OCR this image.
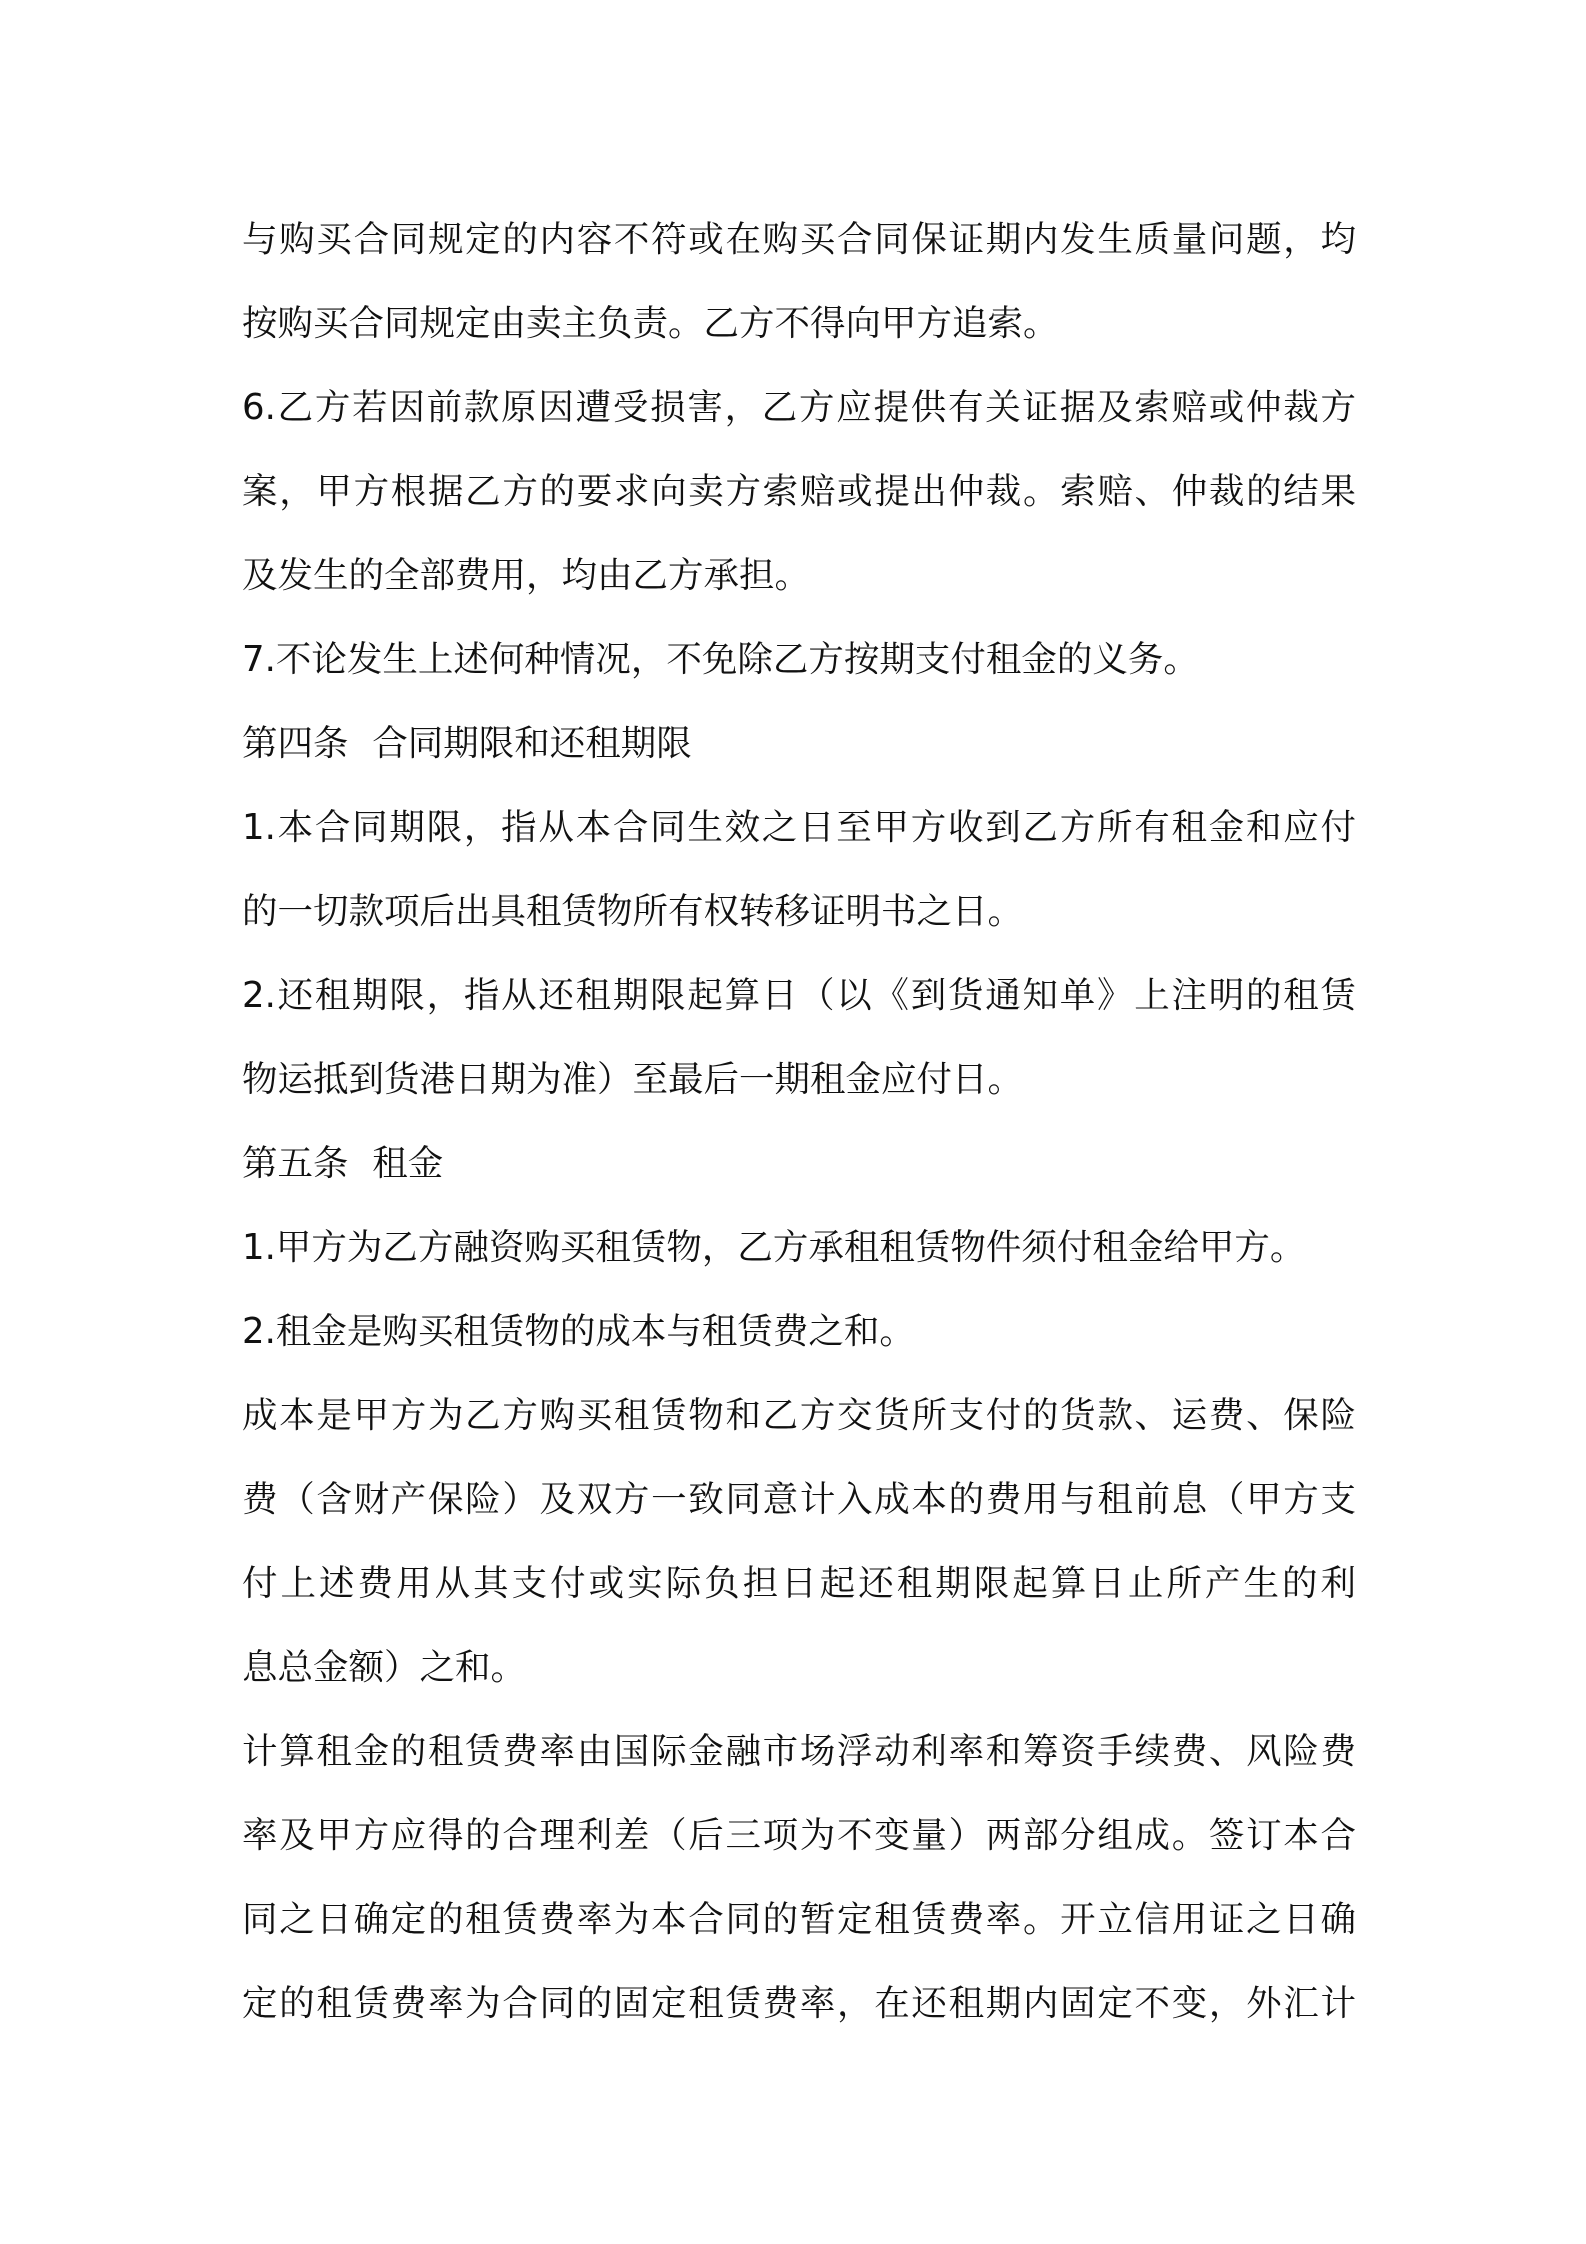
与购买合同规定的内容不符或在购买合同保证期内发生质量问题，均
按购买合同规定由卖主负责。乙方不得向甲方追索。
6.乙方若因前款原因遭受损害，乙方应提供有关证据及索赔或仲裁方
案，甲方根据乙方的要求向卖方索赔或提出仲裁。索赔、仲裁的结果
及发生的全部费用，均由乙方承担。
7.不论发生上述何种情况，不免除乙方按期支付租金的义务。
第四条 合同期限和还租期限
1.本合同期限，指从本合同生效之日至甲方收到乙方所有租金和应付
的一切款项后出具租赁物所有权转移证明书之日。
2.还租期限，指从还租期限起算日（以《到货通知单》上注明的租赁
物运抵到货港日期为准）至最后一期租金应付日。
第五条 租金
1.甲方为乙方融资购买租赁物，乙方承租租赁物件须付租金给甲方。
2.租金是购买租赁物的成本与租赁费之和。
成本是甲方为乙方购买租赁物和乙方交货所支付的货款、运费、保险
费（含财产保险）及双方一致同意计入成本的费用与租前息（甲方支
付上述费用从其支付或实际负担日起还租期限起算日止所产生的利
息总金额）之和。
计算租金的租赁费率由国际金融市场浮动利率和筹资手续费、风险费
率及甲方应得的合理利差（后三项为不变量）两部分组成。签订本合
同之日确定的租赁费率为本合同的暂定租赁费率。开立信用证之日确
定的租赁费率为合同的固定租赁费率，在还租期内固定不变，外汇计
